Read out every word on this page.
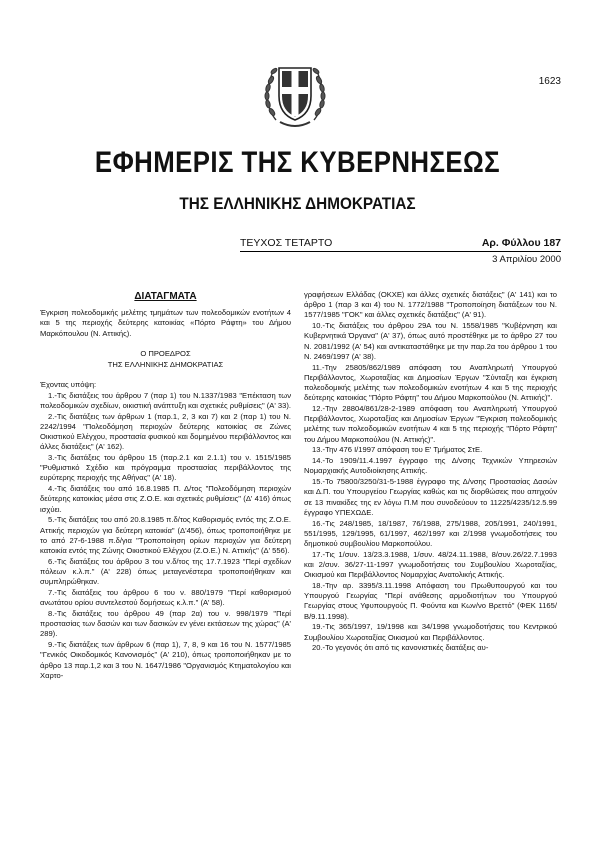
1623
ΕΦΗΜΕΡΙΣ ΤΗΣ ΚΥΒΕΡΝΗΣΕΩΣ
ΤΗΣ ΕΛΛΗΝΙΚΗΣ ΔΗΜΟΚΡΑΤΙΑΣ
ΤΕΥΧΟΣ ΤΕΤΑΡΤΟ	Αρ. Φύλλου 187
3 Απριλίου 2000

ΔΙΑΤΑΓΜΑΤΑ

Έγκριση πολεοδομικής μελέτης τμημάτων των πολεοδομικών ενοτήτων 4 και 5 της περιοχής δεύτερης κατοικίας «Πόρτο Ράφτη» του Δήμου Μαρκόπουλου (Ν. Αττικής).

Ο ΠΡΟΕΔΡΟΣ

ΤΗΣ ΕΛΛΗΝΙΚΗΣ ΔΗΜΟΚΡΑΤΙΑΣ

Έχοντας υπόψη:

1.-Τις διατάξεις του άρθρου 7 (παρ 1) του Ν.1337/1983 "Επέκταση των πολεοδομικών σχεδίων, οικιστική ανάπτυξη και σχετικές ρυθμίσεις" (Α' 33).

2.-Τις διατάξεις των άρθρων 1 (παρ.1, 2, 3 και 7) και 2 (παρ 1) του Ν. 2242/1994 "Πολεοδόμηση περιοχών δεύτερης κατοικίας σε Ζώνες Οικιστικού Ελέγχου, προστασία φυσικού και δομημένου περιβάλλοντος και άλλες διατάξεις" (Α' 162).

3.-Τις διατάξεις του άρθρου 15 (παρ.2.1 και 2.1.1) του ν. 1515/1985 "Ρυθμιστικό Σχέδιο και πρόγραμμα προστασίας περιβάλλοντος της ευρύτερης περιοχής της Αθήνας" (Α' 18).

4.-Τις διατάξεις του από 16.8.1985 Π. Δ/τος "Πολεοδόμηση περιοχών δεύτερης κατοικίας μέσα στις Ζ.Ο.Ε. και σχετικές ρυθμίσεις" (Δ' 416) όπως ισχύει.

5.-Τις διατάξεις του από 20.8.1985 π.δ/τος Καθορισμός εντός της Ζ.Ο.Ε. Αττικής περιοχών για δεύτερη κατοικία" (Δ'456), όπως τροποποιήθηκε με το από 27-6-1988 π.δ/για "Τροποποίηση ορίων περιοχών για δεύτερη κατοικία εντός της Ζώνης Οικιστικού Ελέγχου (Ζ.Ο.Ε.) Ν. Αττικής" (Δ' 556).

6.-Τις διατάξεις του άρθρου 3 του ν.δ/τος της 17.7.1923 "Περί σχεδίων πόλεων κ.λ.π." (Α' 228) όπως μεταγενέστερα τροποποιήθηκαν και συμπληρώθηκαν.

7.-Τις διατάξεις του άρθρου 6 του ν. 880/1979 "Περί καθορισμού ανωτάτου ορίου συντελεστού δομήσεως κ.λ.π." (Α' 58).

8.-Τις διατάξεις του άρθρου 49 (παρ 2α) του ν. 998/1979 "Περί προστασίας των δασών και των δασικών εν γένει εκτάσεων της χώρας" (Α' 289).

9.-Τις διατάξεις των άρθρων 6 (παρ 1), 7, 8, 9 και 16 του Ν. 1577/1985 "Γενικός Οικοδομικός Κανονισμός" (Α' 210), όπως τροποποιήθηκαν με το άρθρο 13 παρ.1,2 και 3 του Ν. 1647/1986 "Οργανισμός Κτηματολογίου και Χαρτο-

γραφήσεων Ελλάδας (ΟΚΧΕ) και άλλες σχετικές διατάξεις" (Α' 141) και το άρθρο 1 (παρ 3 και 4) του Ν. 1772/1988 "Τροποποίηση διατάξεων του Ν. 1577/1985 "ΓΟΚ" και άλλες σχετικές διατάξεις" (Α' 91).

10.-Τις διατάξεις του άρθρου 29Α του Ν. 1558/1985 "Κυβέρνηση και Κυβερνητικά Όργανα" (Α' 37), όπως αυτό προστέθηκε με το άρθρο 27 του Ν. 2081/1992 (Α' 54) και αντικαταστάθηκε με την παρ.2α του άρθρου 1 του Ν. 2469/1997 (Α' 38).

11.-Την 25805/862/1989 απόφαση του Αναπληρωτή Υπουργού Περιβάλλοντος, Χωροταξίας και Δημοσίων Έργων "Σύνταξη και έγκριση πολεοδομικής μελέτης των πολεοδομικών ενοτήτων 4 και 5 της περιοχής δεύτερης κατοικίας "Πόρτο Ράφτη" του Δήμου Μαρκοπούλου (Ν. Αττικής)".

12.-Την 28804/861/28-2-1989 απόφαση του Αναπληρωτή Υπουργού Περιβάλλοντος, Χωροταξίας και Δημοσίων Έργων "Έγκριση πολεοδομικής μελέτης των πολεοδομικών ενοτήτων 4 και 5 της περιοχής "Πόρτο Ράφτη" του Δήμου Μαρκοπούλου (Ν. Αττικής)".

13.-Την 476 Ι/1997 απόφαση του Ε' Τμήματος ΣτΕ.

14.-Το 1909/11.4.1997 έγγραφο της Δ/νσης Τεχνικών Υπηρεσιών Νομαρχιακής Αυτοδιοίκησης Αττικής.

15.-Το 75800/3250/31-5-1988 έγγραφο της Δ/νσης Προστασίας Δασών και Δ.Π. του Υπουργείου Γεωργίας καθώς και τις διορθώσεις που απηχούν σε 13 πινακίδες της εν λόγω Π.Μ που συνοδεύουν το 11225/4235/12.5.99 έγγραφο ΥΠΕΧΩΔΕ.

16.-Τις 248/1985, 18/1987, 76/1988, 275/1988, 205/1991, 240/1991, 551/1995, 129/1995, 61/1997, 462/1997 και 2/1998 γνωμοδοτήσεις του δημοτικού συμβουλίου Μαρκοπούλου.

17.-Τις 1/συν. 13/23.3.1988, 1/συν. 48/24.11.1988, 8/συν.26/22.7.1993 και 2/συν. 36/27-11-1997 γνωμοδοτήσεις του Συμβουλίου Χωροταξίας, Οικισμού και Περιβάλλοντος Νομαρχίας Ανατολικής Αττικής.

18.-Την αρ. 3395/3.11.1998 Απόφαση του Πρωθυπουργού και του Υπουργού Γεωργίας "Περί ανάθεσης αρμοδιοτήτων του Υπουργού Γεωργίας στους Υφυπουργούς Π. Φούντα και Κων/νο Βρεττό" (ΦΕΚ 1165/Β/9.11.1998).

19.-Τις 365/1997, 19/1998 και 34/1998 γνωμοδοτήσεις του Κεντρικού Συμβουλίου Χωροταξίας Οικισμού και Περιβάλλοντος.

20.-Το γεγονός ότι από τις κανονιστικές διατάξεις αυ-
